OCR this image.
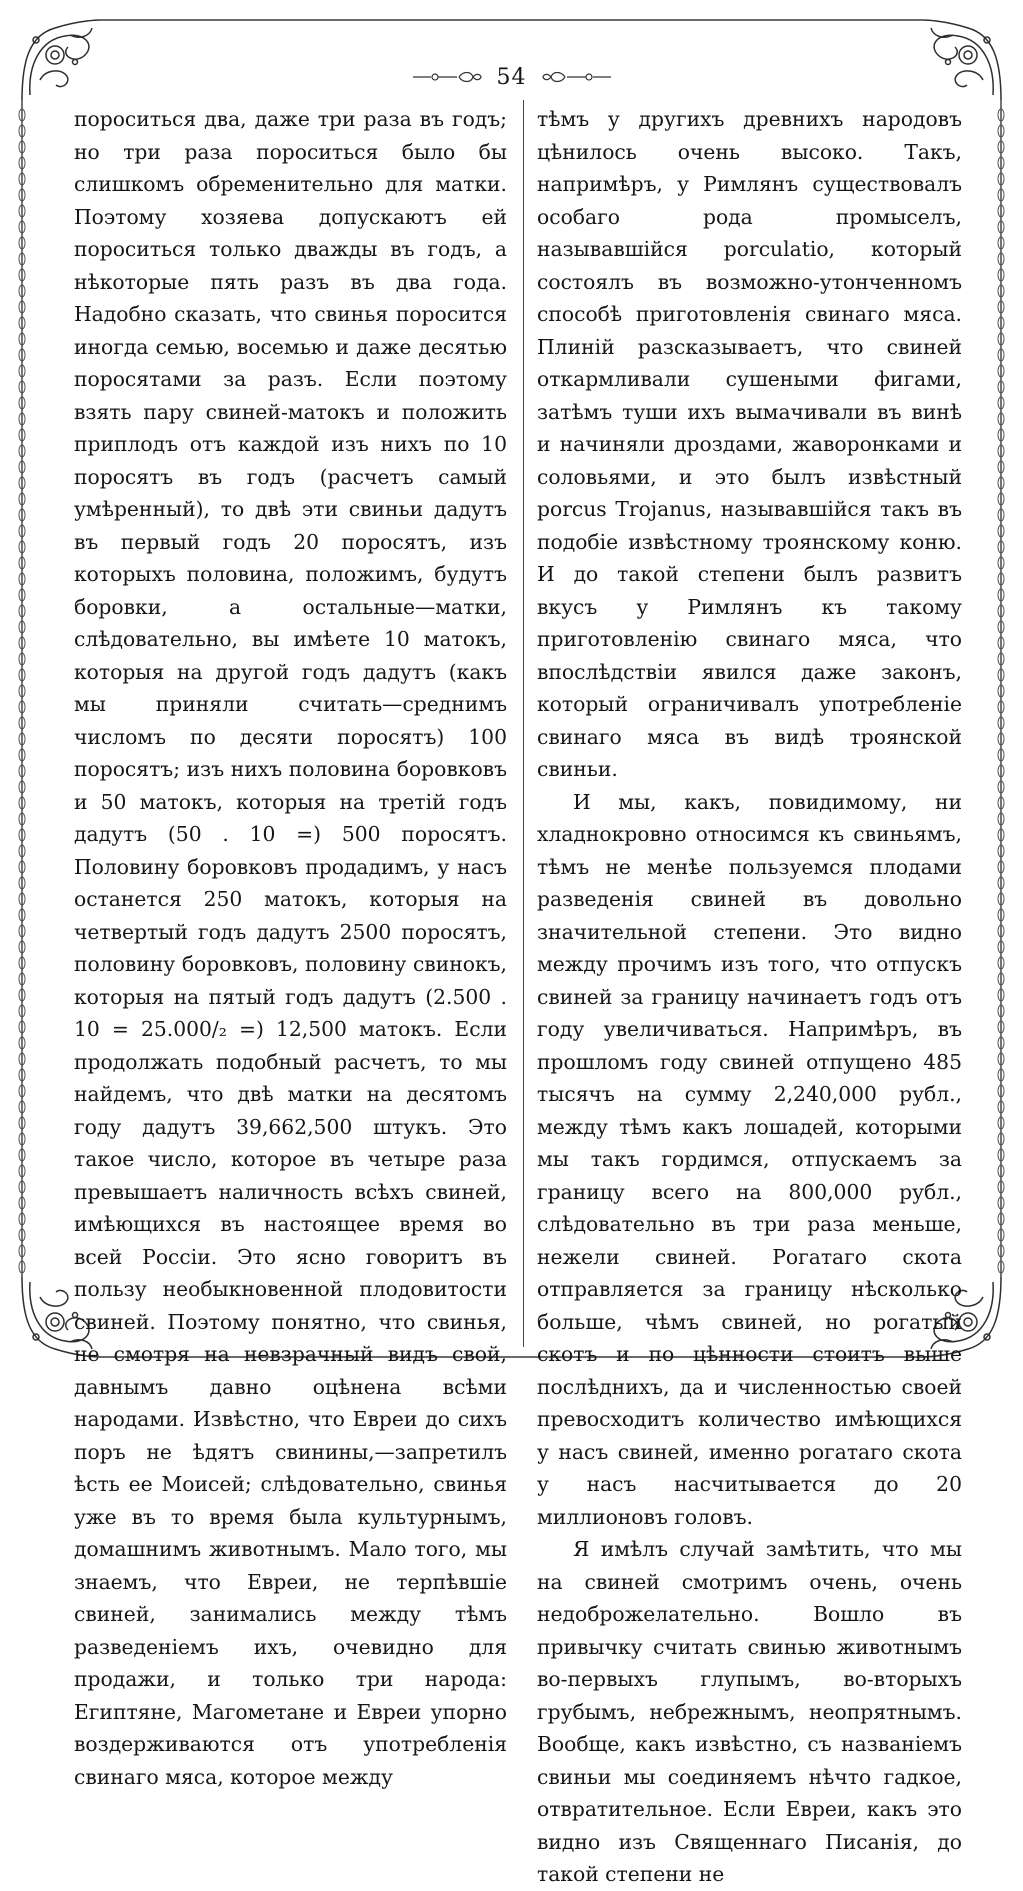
54

пороситься два, даже три раза въ годъ; но три раза пороситься было бы слишкомъ обременительно для матки. Поэтому хозяева допускаютъ ей пороситься только дважды въ годъ, а нѣкоторые пять разъ въ два года. Надобно сказать, что свинья поросится иногда семью, восемью и даже десятью поросятами за разъ. Если поэтому взять пару свиней-матокъ и положить приплодъ отъ каждой изъ нихъ по 10 поросятъ въ годъ (расчетъ самый умѣренный), то двѣ эти свиньи дадутъ въ первый годъ 20 поросятъ, изъ которыхъ половина, положимъ, будутъ боровки, а остальные—матки, слѣдовательно, вы имѣете 10 матокъ, которыя на другой годъ дадутъ (какъ мы приняли считать—среднимъ числомъ по десяти поросятъ) 100 поросятъ; изъ нихъ половина боровковъ и 50 матокъ, которыя на третій годъ дадутъ (50 . 10 =) 500 поросятъ. Половину боровковъ продадимъ, у насъ останется 250 матокъ, которыя на четвертый годъ дадутъ 2500 поросятъ, половину боровковъ, половину свинокъ, которыя на пятый годъ дадутъ (2.500 . 10 = 25.000/₂ =) 12,500 матокъ. Если продолжать подобный расчетъ, то мы найдемъ, что двѣ матки на десятомъ году дадутъ 39,662,500 штукъ. Это такое число, которое въ четыре раза превышаетъ наличность всѣхъ свиней, имѣющихся въ настоящее время во всей Россіи. Это ясно говоритъ въ пользу необыкновенной плодовитости свиней. Поэтому понятно, что свинья, не смотря на невзрачный видъ свой, давнымъ давно оцѣнена всѣми народами. Извѣстно, что Евреи до сихъ поръ не ѣдятъ свинины,—запретилъ ѣсть ее Моисей; слѣдовательно, свинья уже въ то время была культурнымъ, домашнимъ животнымъ. Мало того, мы знаемъ, что Евреи, не терпѣвшіе свиней, занимались между тѣмъ разведеніемъ ихъ, очевидно для продажи, и только три народа: Египтяне, Магометане и Евреи упорно воздерживаются отъ употребленія свинаго мяса, которое между

тѣмъ у другихъ древнихъ народовъ цѣнилось очень высоко. Такъ, напримѣръ, у Римлянъ существовалъ особаго рода промыселъ, называвшійся porculatio, который состоялъ въ возможно-утонченномъ способѣ приготовленія свинаго мяса. Плиній разсказываетъ, что свиней откармливали сушеными фигами, затѣмъ туши ихъ вымачивали въ винѣ и начиняли дроздами, жаворонками и соловьями, и это былъ извѣстный porcus Trojanus, называвшійся такъ въ подобіе извѣстному троянскому коню. И до такой степени былъ развитъ вкусъ у Римлянъ къ такому приготовленію свинаго мяса, что впослѣдствіи явился даже законъ, который ограничивалъ употребленіе свинаго мяса въ видѣ троянской свиньи.

И мы, какъ, повидимому, ни хладнокровно относимся къ свиньямъ, тѣмъ не менѣе пользуемся плодами разведенія свиней въ довольно значительной степени. Это видно между прочимъ изъ того, что отпускъ свиней за границу начинаетъ годъ отъ году увеличиваться. Напримѣръ, въ прошломъ году свиней отпущено 485 тысячъ на сумму 2,240,000 рубл., между тѣмъ какъ лошадей, которыми мы такъ гордимся, отпускаемъ за границу всего на 800,000 рубл., слѣдовательно въ три раза меньше, нежели свиней. Рогатаго скота отправляется за границу нѣсколько больше, чѣмъ свиней, но рогатый скотъ и по цѣнности стоитъ выше послѣднихъ, да и численностью своей превосходитъ количество имѣющихся у насъ свиней, именно рогатаго скота у насъ насчитывается до 20 миллионовъ головъ.

Я имѣлъ случай замѣтить, что мы на свиней смотримъ очень, очень недоброжелательно. Вошло въ привычку считать свинью животнымъ во-первыхъ глупымъ, во-вторыхъ грубымъ, небрежнымъ, неопрятнымъ. Вообще, какъ извѣстно, съ названіемъ свиньи мы соединяемъ нѣчто гадкое, отвратительное. Если Евреи, какъ это видно изъ Священнаго Писанія, до такой степени не
